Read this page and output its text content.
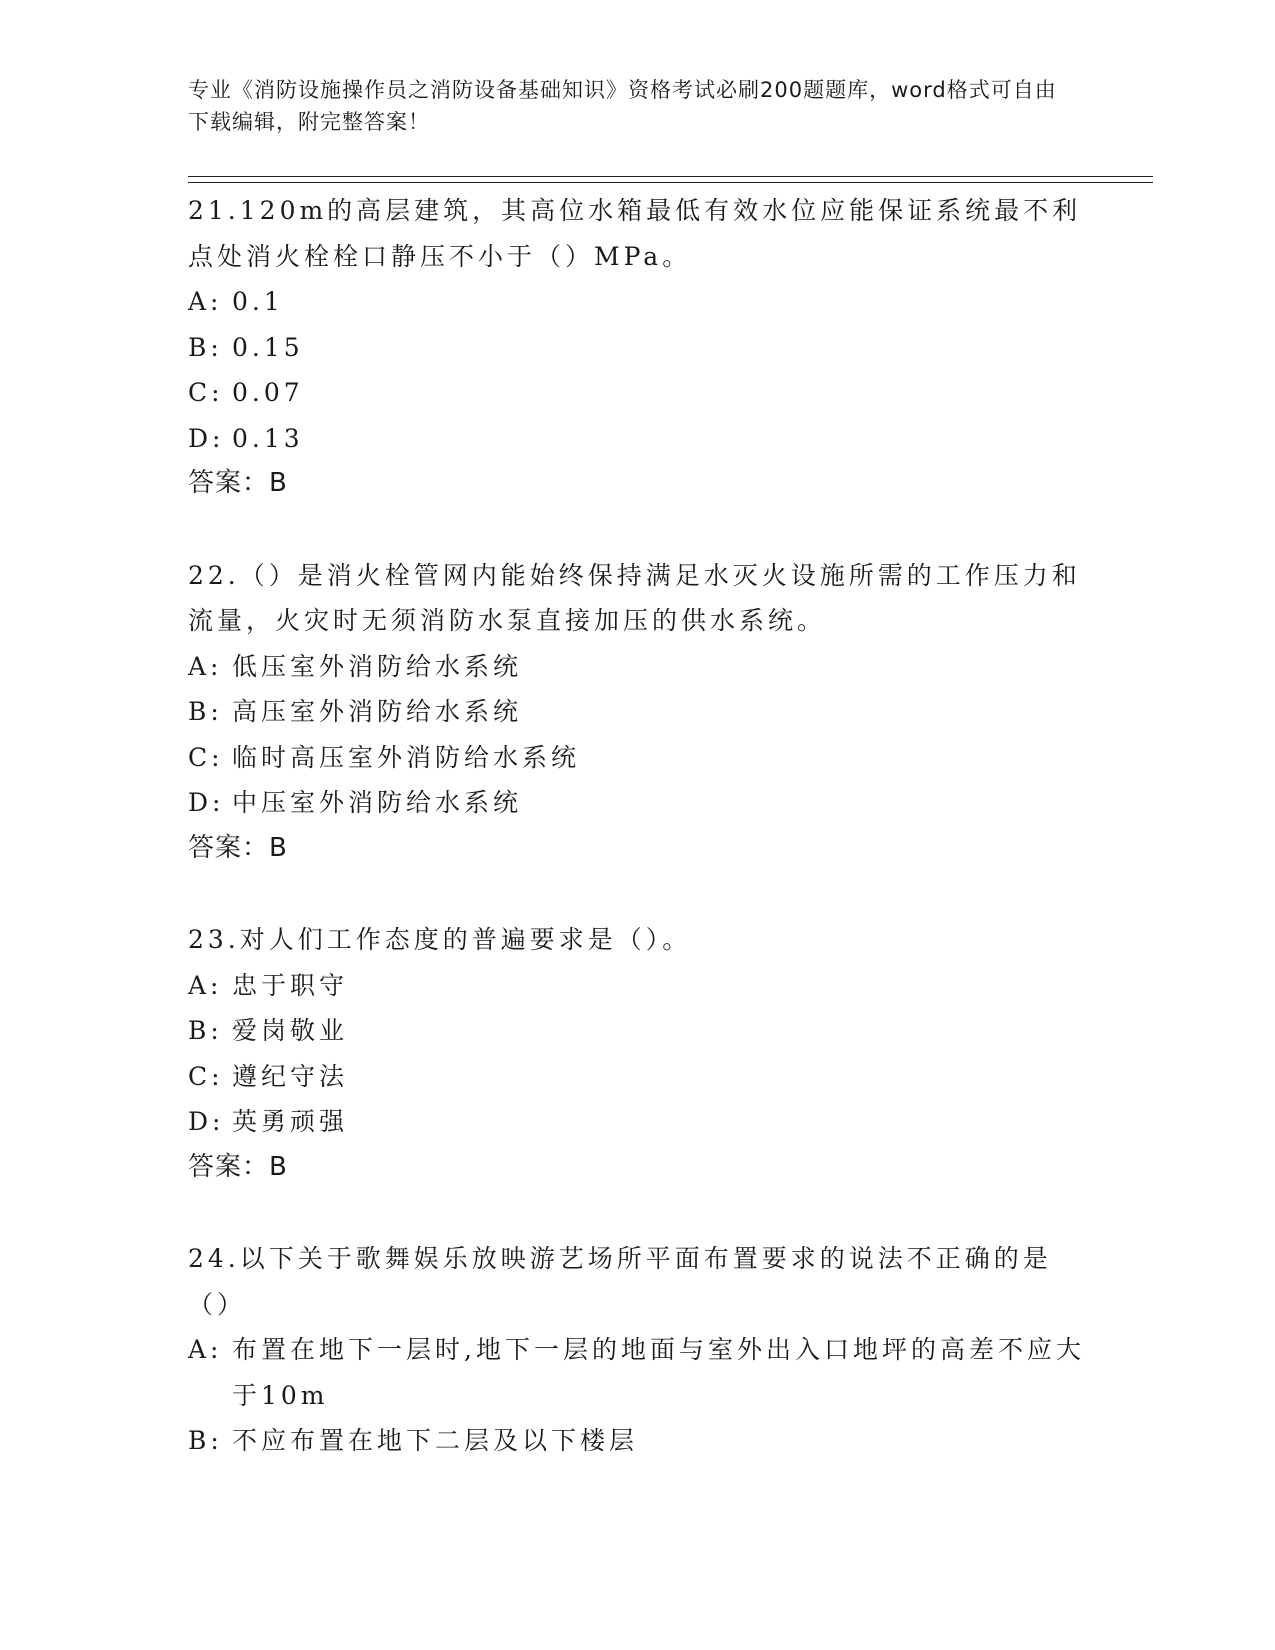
专业《消防设施操作员之消防设备基础知识》资格考试必刷200题题库，word格式可自由下载编辑，附完整答案！

21.120m的高层建筑，其高位水箱最低有效水位应能保证系统最不利点处消火栓栓口静压不小于（）MPa。

A: 0.1
B: 0.15
C: 0.07
D: 0.13
答案：B

22.（）是消火栓管网内能始终保持满足水灭火设施所需的工作压力和流量，火灾时无须消防水泵直接加压的供水系统。

A: 低压室外消防给水系统
B: 高压室外消防给水系统
C: 临时高压室外消防给水系统
D: 中压室外消防给水系统
答案：B

23.对人们工作态度的普遍要求是（）。

A: 忠于职守
B: 爱岗敬业
C: 遵纪守法
D: 英勇顽强
答案：B

24.以下关于歌舞娱乐放映游艺场所平面布置要求的说法不正确的是（）

A: 布置在地下一层时,地下一层的地面与室外出入口地坪的高差不应大于10m
B: 不应布置在地下二层及以下楼层
